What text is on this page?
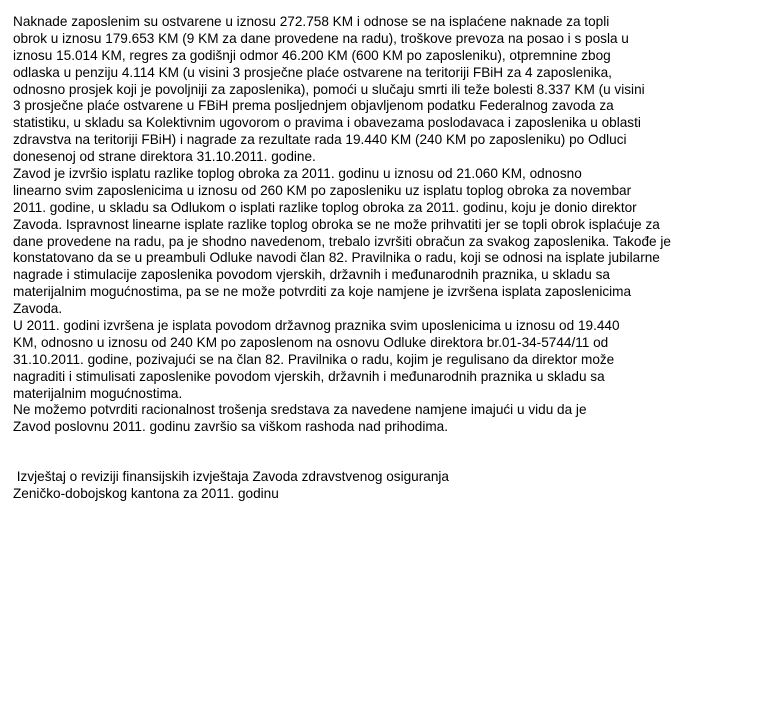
Naknade zaposlenim su ostvarene u iznosu 272.758 KM i odnose se na isplaćene naknade za topli
obrok u iznosu 179.653 KM (9 KM za dane provedene na radu), troškove prevoza na posao i s posla u
iznosu 15.014 KM, regres za godišnji odmor 46.200 KM (600 KM po zaposleniku), otpremnine zbog
odlaska u penziju 4.114 KM (u visini 3 prosječne plaće ostvarene na teritoriji FBiH za 4 zaposlenika,
odnosno prosjek koji je povoljniji za zaposlenika), pomoći u slučaju smrti ili teže bolesti 8.337 KM (u visini
3 prosječne plaće ostvarene u FBiH prema posljednjem objavljenom podatku Federalnog zavoda za
statistiku, u skladu sa Kolektivnim ugovorom o pravima i obavezama poslodavaca i zaposlenika u oblasti
zdravstva na teritoriji FBiH) i nagrade za rezultate rada 19.440 KM (240 KM po zaposleniku) po Odluci
donesenoj od strane direktora 31.10.2011. godine.
Zavod je izvršio isplatu razlike toplog obroka za 2011. godinu u iznosu od 21.060 KM, odnosno
linearno svim zaposlenicima u iznosu od 260 KM po zaposleniku uz isplatu toplog obroka za novembar
2011. godine, u skladu sa Odlukom o isplati razlike toplog obroka za 2011. godinu, koju je donio direktor
Zavoda. Ispravnost linearne isplate razlike toplog obroka se ne može prihvatiti jer se topli obrok isplaćuje za
dane provedene na radu, pa je shodno navedenom, trebalo izvršiti obračun za svakog zaposlenika. Takođe je
konstatovano da se u preambuli Odluke navodi član 82. Pravilnika o radu, koji se odnosi na isplate jubilarne
nagrade i stimulacije zaposlenika povodom vjerskih, državnih i međunarodnih praznika, u skladu sa
materijalnim mogućnostima, pa se ne može potvrditi za koje namjene je izvršena isplata zaposlenicima
Zavoda.
U 2011. godini izvršena je isplata povodom državnog praznika svim uposlenicima u iznosu od 19.440
KM, odnosno u iznosu od 240 KM po zaposlenom na osnovu Odluke direktora br.01-34-5744/11 od
31.10.2011. godine, pozivajući se na član 82. Pravilnika o radu, kojim je regulisano da direktor može
nagraditi i stimulisati zaposlenike povodom vjerskih, državnih i međunarodnih praznika u skladu sa
materijalnim mogućnostima.
Ne možemo potvrditi racionalnost trošenja sredstava za navedene namjene imajući u vidu da je
Zavod poslovnu 2011. godinu završio sa viškom rashoda nad prihodima.
Izvještaj o reviziji finansijskih izvještaja Zavoda zdravstvenog osiguranja
Zeničko-dobojskog kantona za 2011. godinu
